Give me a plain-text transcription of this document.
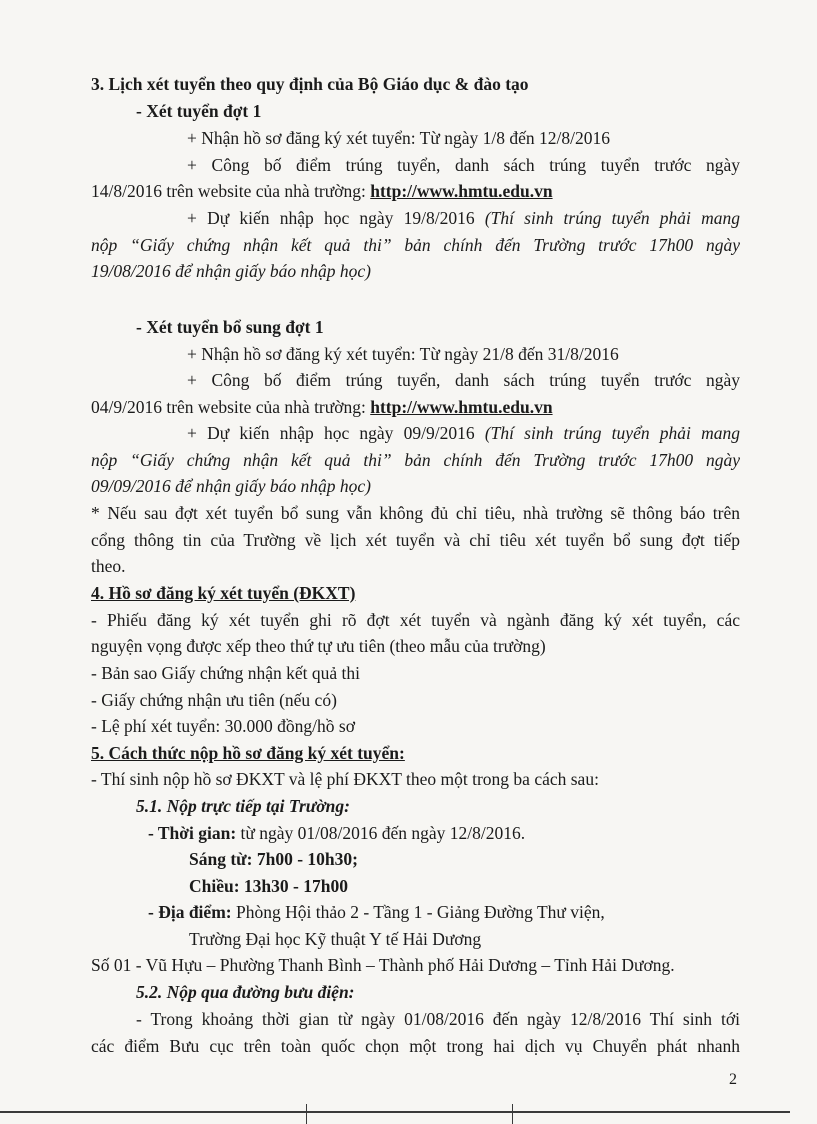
3. Lịch xét tuyển theo quy định của Bộ Giáo dục & đào tạo
- Xét tuyển đợt 1
+ Nhận hồ sơ đăng ký xét tuyển: Từ ngày 1/8 đến 12/8/2016
+ Công bố điểm trúng tuyển, danh sách trúng tuyển trước ngày
14/8/2016 trên website của nhà trường: http://www.hmtu.edu.vn
+ Dự kiến nhập học ngày 19/8/2016 (Thí sinh trúng tuyển phải mang
nộp “Giấy chứng nhận kết quả thi” bản chính đến Trường trước 17h00 ngày
19/08/2016 để nhận giấy báo nhập học)
- Xét tuyển bổ sung đợt 1
+ Nhận hồ sơ đăng ký xét tuyển: Từ ngày 21/8 đến 31/8/2016
+ Công bố điểm trúng tuyển, danh sách trúng tuyển trước ngày
04/9/2016 trên website của nhà trường: http://www.hmtu.edu.vn
+ Dự kiến nhập học ngày 09/9/2016 (Thí sinh trúng tuyển phải mang
nộp “Giấy chứng nhận kết quả thi” bản chính đến Trường trước 17h00 ngày
09/09/2016 để nhận giấy báo nhập học)
* Nếu sau đợt xét tuyển bổ sung vẫn không đủ chỉ tiêu, nhà trường sẽ thông báo trên
cổng thông tin của Trường về lịch xét tuyển và chỉ tiêu xét tuyển bổ sung đợt tiếp
theo.
4. Hồ sơ đăng ký xét tuyển (ĐKXT)
- Phiếu đăng ký xét tuyển ghi rõ đợt xét tuyển và ngành đăng ký xét tuyển, các
nguyện vọng được xếp theo thứ tự ưu tiên (theo mẫu của trường)
- Bản sao Giấy chứng nhận kết quả thi
- Giấy chứng nhận ưu tiên (nếu có)
- Lệ phí xét tuyển: 30.000 đồng/hồ sơ
5. Cách thức nộp hồ sơ đăng ký xét tuyển:
- Thí sinh nộp hồ sơ ĐKXT và lệ phí ĐKXT theo một trong ba cách sau:
5.1. Nộp trực tiếp tại Trường:
- Thời gian: từ ngày 01/08/2016 đến ngày 12/8/2016.
Sáng từ: 7h00 - 10h30;
Chiều: 13h30 - 17h00
- Địa điểm: Phòng Hội thảo 2 - Tầng 1 - Giảng Đường Thư viện,
Trường Đại học Kỹ thuật Y tế Hải Dương
Số 01 - Vũ Hựu – Phường Thanh Bình – Thành phố Hải Dương – Tỉnh Hải Dương.
5.2. Nộp qua đường bưu điện:
- Trong khoảng thời gian từ ngày 01/08/2016 đến ngày 12/8/2016 Thí sinh tới
các điểm Bưu cục trên toàn quốc chọn một trong hai dịch vụ Chuyển phát nhanh
2
